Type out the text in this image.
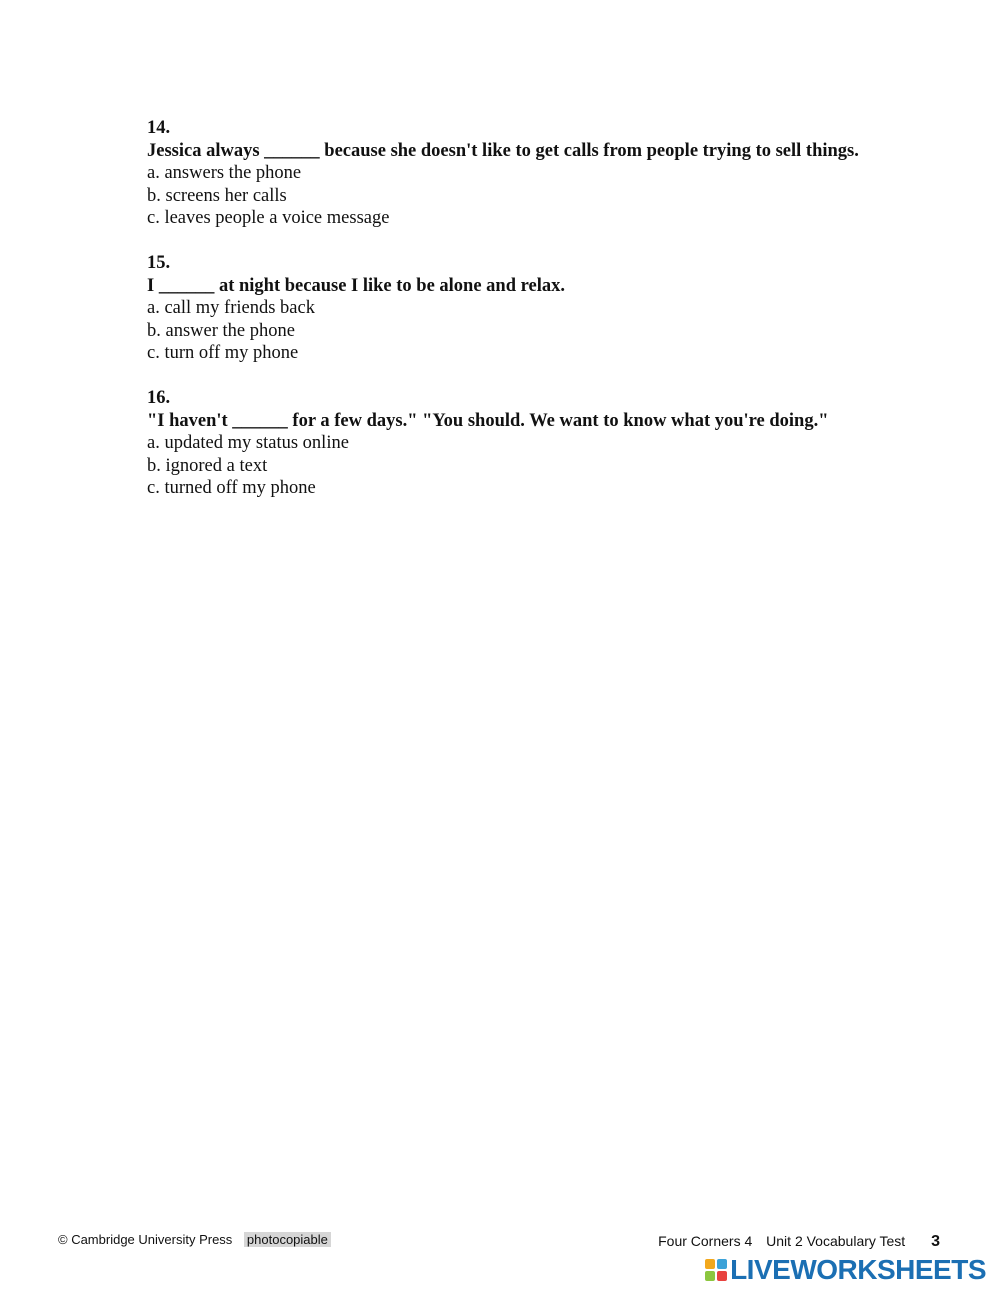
14.
Jessica always ______ because she doesn't like to get calls from people trying to sell things.
a. answers the phone
b. screens her calls
c. leaves people a voice message
15.
I ______ at night because I like to be alone and relax.
a. call my friends back
b. answer the phone
c. turn off my phone
16.
"I haven't ______ for a few days." "You should. We want to know what you're doing."
a. updated my status online
b. ignored a text
c. turned off my phone
© Cambridge University Press photocopiable	Four Corners 4 Unit 2 Vocabulary Test 3
LIVEWORKSHEETS
